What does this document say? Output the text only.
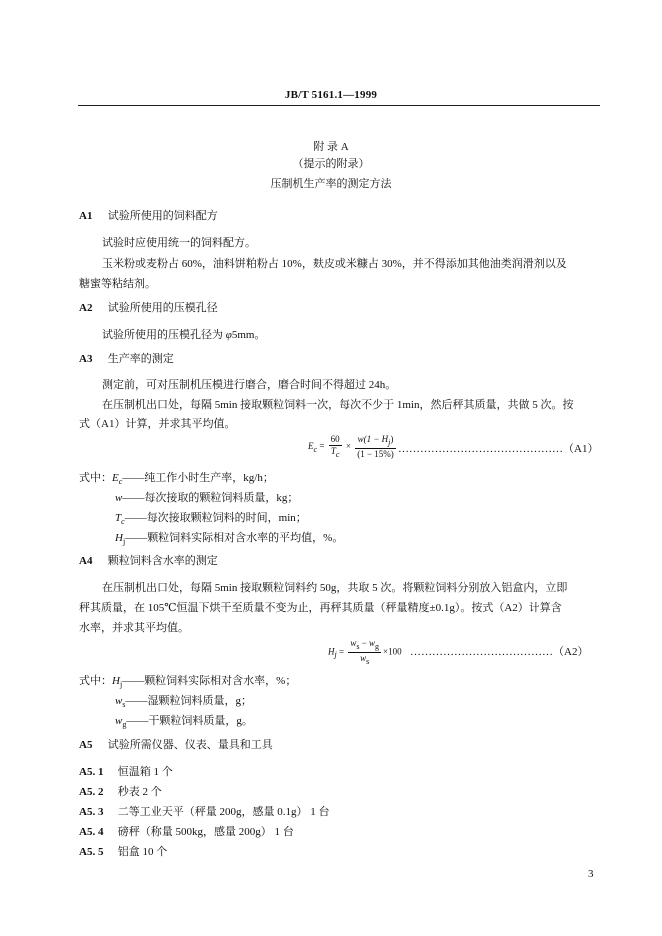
JB/T 5161.1—1999
附 录 A
（提示的附录）
压制机生产率的测定方法
A1 试验所使用的饲料配方
试验时应使用统一的饲料配方。
玉米粉或麦粉占 60%，油料饼粕粉占 10%，麸皮或米糠占 30%，并不得添加其他油类润滑剂以及
糖蜜等粘结剂。
A2 试验所使用的压模孔径
试验所使用的压模孔径为 φ5mm。
A3 生产率的测定
测定前，可对压制机压模进行磨合，磨合时间不得超过 24h。
在压制机出口处，每隔 5min 接取颗粒饲料一次，每次不少于 1min，然后秤其质量，共做 5 次。按
式（A1）计算，并求其平均值。
$E_c = \frac{60}{T_c} \times \frac{w(1 - H_j)}{(1 - 15\%)}$ ………………………………………（A1）
式中：$E_c——$纯工作小时生产率，kg/h；
w——每次接取的颗粒饲料质量，kg；
$T_c——$每次接取颗粒饲料的时间，min；
$H_j——$颗粒饲料实际相对含水率的平均值，%。
A4 颗粒饲料含水率的测定
在压制机出口处，每隔 5min 接取颗粒饲料约 50g，共取 5 次。将颗粒饲料分别放入铝盒内，立即
秤其质量，在 105℃恒温下烘干至质量不变为止，再秤其质量（秤量精度±0.1g）。按式（A2）计算含
水率，并求其平均值。
$H_j = \frac{w_s - w_g}{w_s} \times 100$ …………………………………（A2）
式中：$H_j——$颗粒饲料实际相对含水率，%；
$w_s——$湿颗粒饲料质量，g；
$w_g——$干颗粒饲料质量，g。
A5 试验所需仪器、仪表、量具和工具
A5. 1 恒温箱 1 个
A5. 2 秒表 2 个
A5. 3 二等工业天平（秤量 200g，感量 0.1g） 1 台
A5. 4 磅秤（称量 500kg，感量 200g） 1 台
A5. 5 铝盒 10 个
3
